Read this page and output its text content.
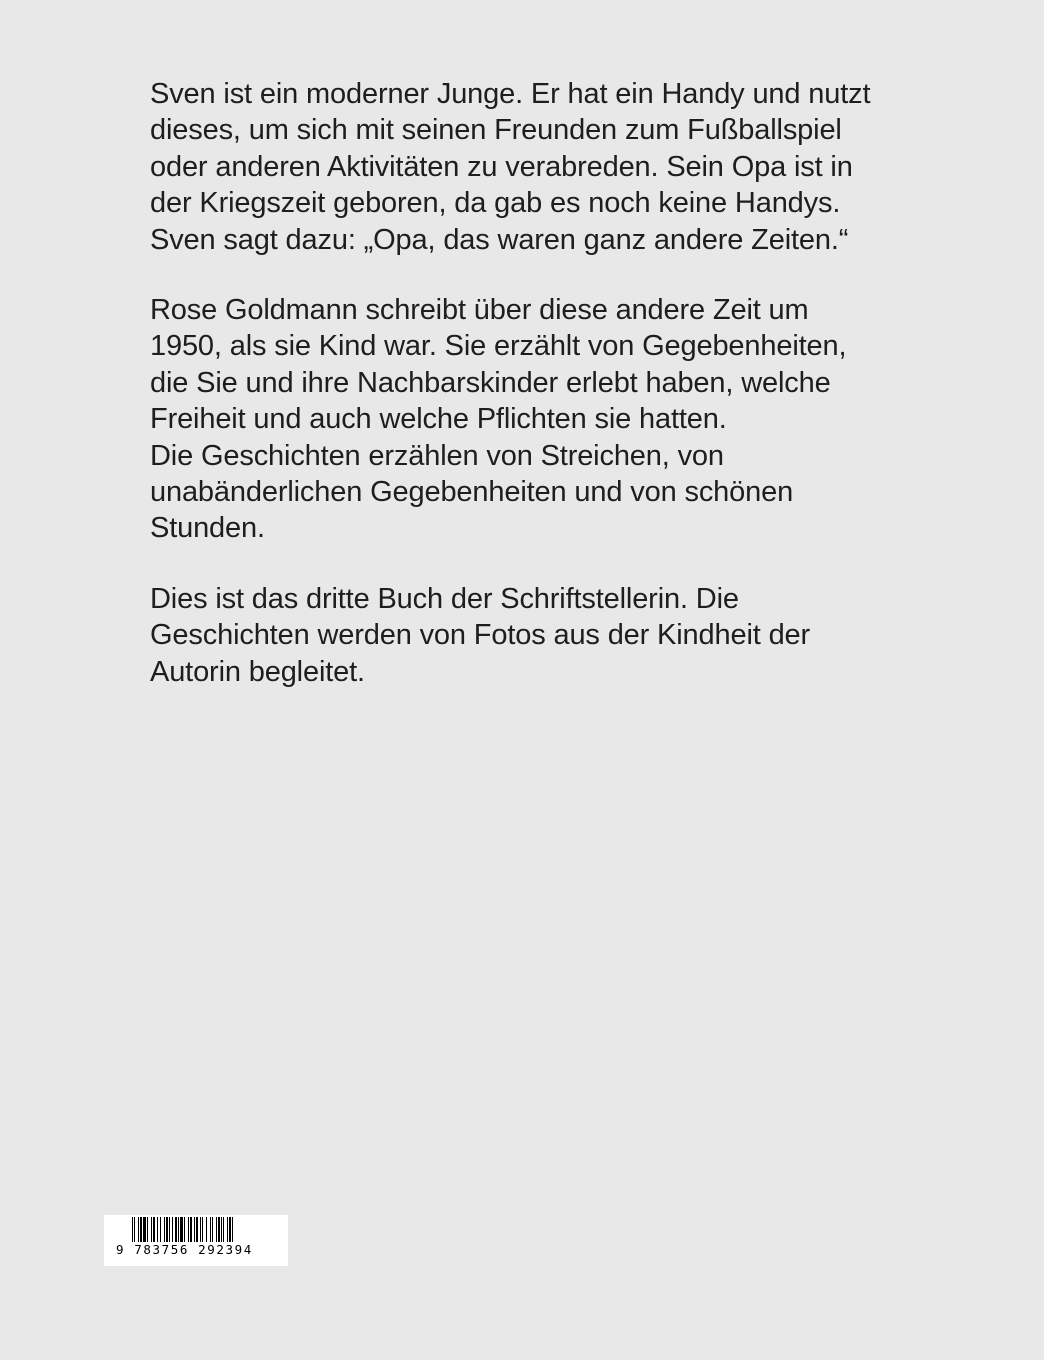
Sven ist ein moderner Junge. Er hat ein Handy und nutzt
dieses, um sich mit seinen Freunden zum Fußballspiel
oder anderen Aktivitäten zu verabreden. Sein Opa ist in
der Kriegszeit geboren, da gab es noch keine Handys.
Sven sagt dazu: „Opa, das waren ganz andere Zeiten.“

Rose Goldmann schreibt über diese andere Zeit um
1950, als sie Kind war. Sie erzählt von Gegebenheiten,
die Sie und ihre Nachbarskinder erlebt haben, welche
Freiheit und auch welche Pflichten sie hatten.
Die Geschichten erzählen von Streichen, von
unabänderlichen Gegebenheiten und von schönen
Stunden.

Dies ist das dritte Buch der Schriftstellerin. Die
Geschichten werden von Fotos aus der Kindheit der
Autorin begleitet.

9 783756 292394
